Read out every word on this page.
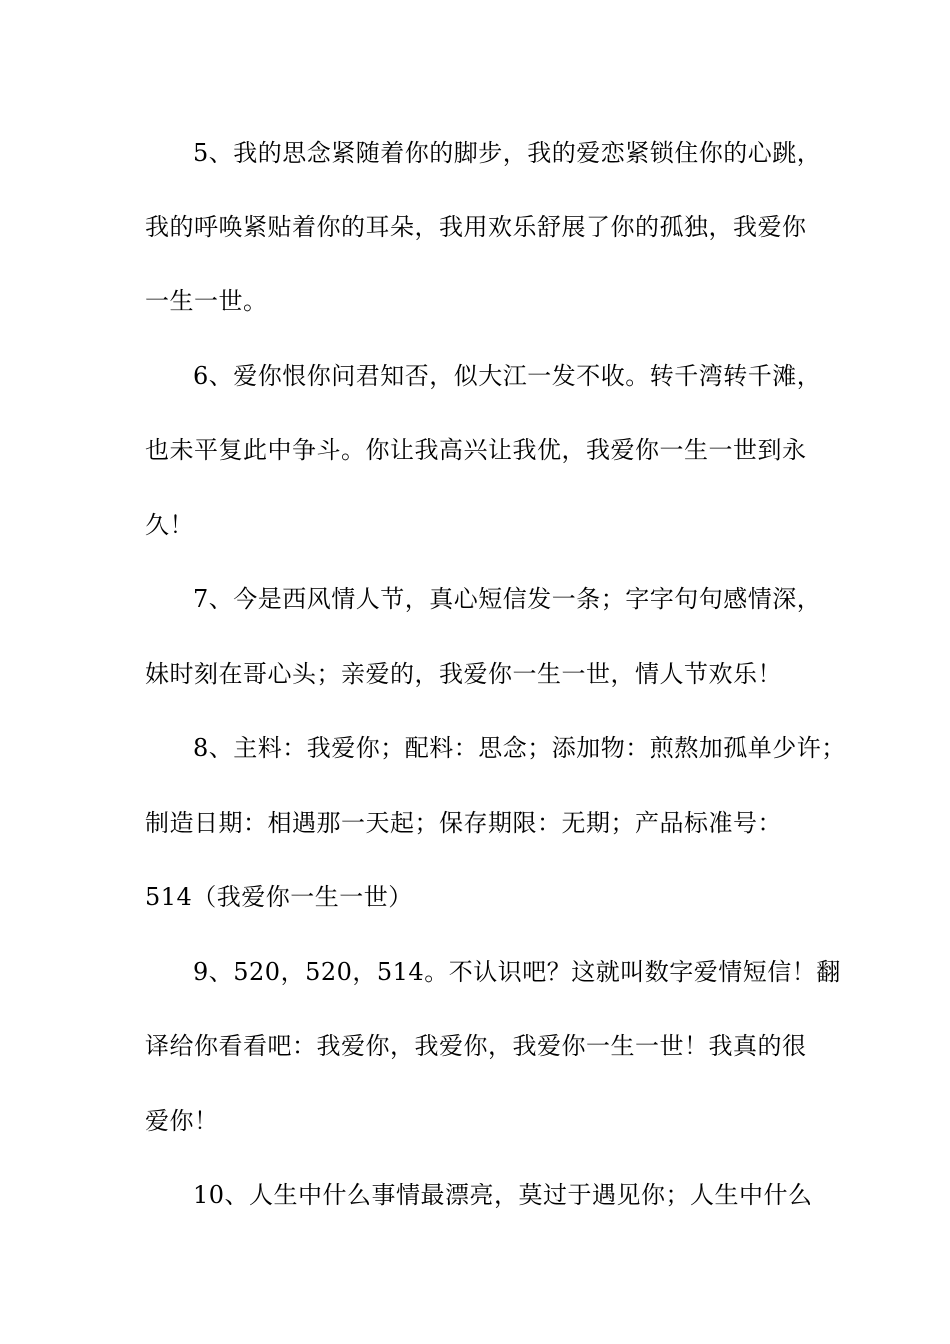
5、我的思念紧随着你的脚步，我的爱恋紧锁住你的心跳，
我的呼唤紧贴着你的耳朵，我用欢乐舒展了你的孤独，我爱你
一生一世。
6、爱你恨你问君知否，似大江一发不收。转千湾转千滩，
也未平复此中争斗。你让我高兴让我优，我爱你一生一世到永
久！
7、今是西风情人节，真心短信发一条；字字句句感情深，
妹时刻在哥心头；亲爱的，我爱你一生一世，情人节欢乐！
8、主料：我爱你；配料：思念；添加物：煎熬加孤单少许；
制造日期：相遇那一天起；保存期限：无期；产品标准号：
514（我爱你一生一世）
9、520，520，514。不认识吧？这就叫数字爱情短信！翻
译给你看看吧：我爱你，我爱你，我爱你一生一世！我真的很
爱你！
10、人生中什么事情最漂亮，莫过于遇见你；人生中什么
